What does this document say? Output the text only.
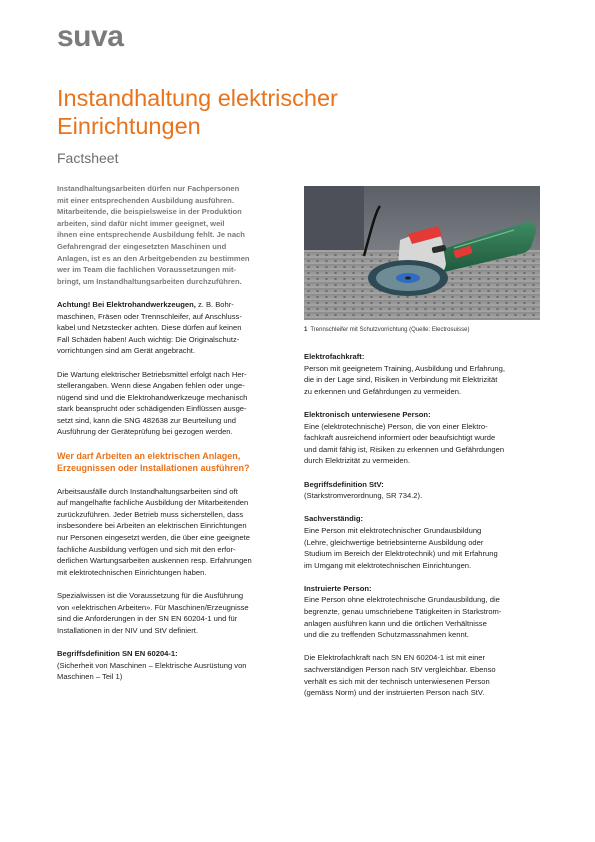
suva
Instandhaltung elektrischer
Einrichtungen
Factsheet

Instandhaltungsarbeiten dürfen nur Fachpersonen
mit einer entsprechenden Ausbildung ausführen.
Mitarbeitende, die beispielsweise in der Produktion
arbeiten, sind dafür nicht immer geeignet, weil
ihnen eine entsprechende Ausbildung fehlt. Je nach
Gefahrengrad der eingesetzten Maschinen und
Anlagen, ist es an den Arbeitgebenden zu bestimmen
wer im Team die fachlichen Voraussetzungen mit-
bringt, um Instandhaltungsarbeiten durchzuführen.

Achtung! Bei Elektrohandwerkzeugen, z. B. Bohr-
maschinen, Fräsen oder Trennschleifer, auf Anschluss-
kabel und Netzstecker achten. Diese dürfen auf keinen
Fall Schäden haben! Auch wichtig: Die Originalschutz-
vorrichtungen sind am Gerät angebracht.

Die Wartung elektrischer Betriebsmittel erfolgt nach Her-
stellerangaben. Wenn diese Angaben fehlen oder unge-
nügend sind und die Elektrohandwerkzeuge mechanisch
stark beansprucht oder schädigenden Einflüssen ausge-
setzt sind, kann die SNG 482638 zur Beurteilung und
Ausführung der Geräteprüfung bei gezogen werden.

Wer darf Arbeiten an elektrischen Anlagen,
Erzeugnissen oder Installationen ausführen?

Arbeitsausfälle durch Instandhaltungsarbeiten sind oft
auf mangelhafte fachliche Ausbildung der Mitarbeitenden
zurückzuführen. Jeder Betrieb muss sicherstellen, dass
insbesondere bei Arbeiten an elektrischen Einrichtungen
nur Personen eingesetzt werden, die über eine geeignete
fachliche Ausbildung verfügen und sich mit den erfor-
derlichen Wartungsarbeiten auskennen resp. Erfahrungen
mit elektrotechnischen Einrichtungen haben.

Spezialwissen ist die Voraussetzung für die Ausführung
von «elektrischen Arbeiten». Für Maschinen/Erzeugnisse
sind die Anforderungen in der SN EN 60204-1 und für
Installationen in der NIV und StV definiert.

Begriffsdefinition SN EN 60204-1:
(Sicherheit von Maschinen – Elektrische Ausrüstung von
Maschinen – Teil 1)

1 Trennschleifer mit Schutzvorrichtung (Quelle: Electrosuisse)

Elektrofachkraft:
Person mit geeignetem Training, Ausbildung und Erfahrung,
die in der Lage sind, Risiken in Verbindung mit Elektrizität
zu erkennen und Gefährdungen zu vermeiden.

Elektronisch unterwiesene Person:
Eine (elektrotechnische) Person, die von einer Elektro-
fachkraft ausreichend informiert oder beaufsichtigt wurde
und damit fähig ist, Risiken zu erkennen und Gefährdungen
durch Elektrizität zu vermeiden.

Begriffsdefinition StV:
(Starkstromverordnung, SR 734.2).

Sachverständig:
Eine Person mit elektrotechnischer Grundausbildung
(Lehre, gleichwertige betriebsinterne Ausbildung oder
Studium im Bereich der Elektrotechnik) und mit Erfahrung
im Umgang mit elektrotechnischen Einrichtungen.

Instruierte Person:
Eine Person ohne elektrotechnische Grundausbildung, die
begrenzte, genau umschriebene Tätigkeiten in Starkstrom-
anlagen ausführen kann und die örtlichen Verhältnisse
und die zu treffenden Schutzmassnahmen kennt.

Die Elektrofachkraft nach SN EN 60204-1 ist mit einer
sachverständigen Person nach StV vergleichbar. Ebenso
verhält es sich mit der technisch unterwiesenen Person
(gemäss Norm) und der instruierten Person nach StV.
